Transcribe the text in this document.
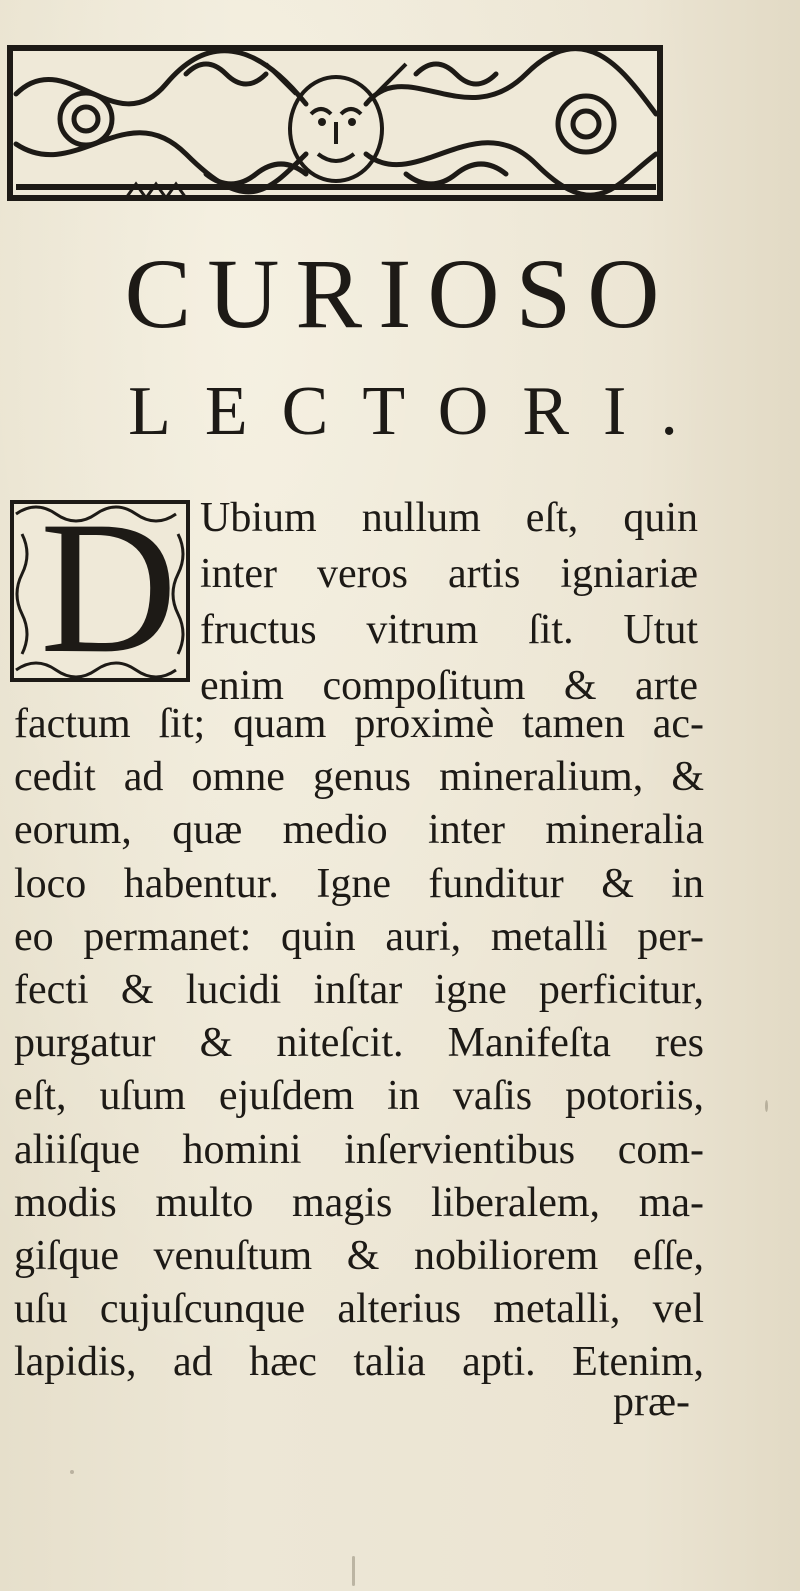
CURIOSO
LECTORI.
D Ubium nullum eſt, quin
inter veros artis igniariæ
fructus vitrum ſit. Utut
enim compoſitum & arte
factum ſit; quam proximè tamen ac-
cedit ad omne genus mineralium, &
eorum, quæ medio inter mineralia
loco habentur. Igne funditur & in
eo permanet: quin auri, metalli per-
fecti & lucidi inſtar igne perficitur,
purgatur & niteſcit. Manifeſta res
eſt, uſum ejuſdem in vaſis potoriis,
aliiſque homini inſervientibus com-
modis multo magis liberalem, ma-
giſque venuſtum & nobiliorem eſſe,
uſu cujuſcunque alterius metalli, vel
lapidis, ad hæc talia apti. Etenim,
præ-
